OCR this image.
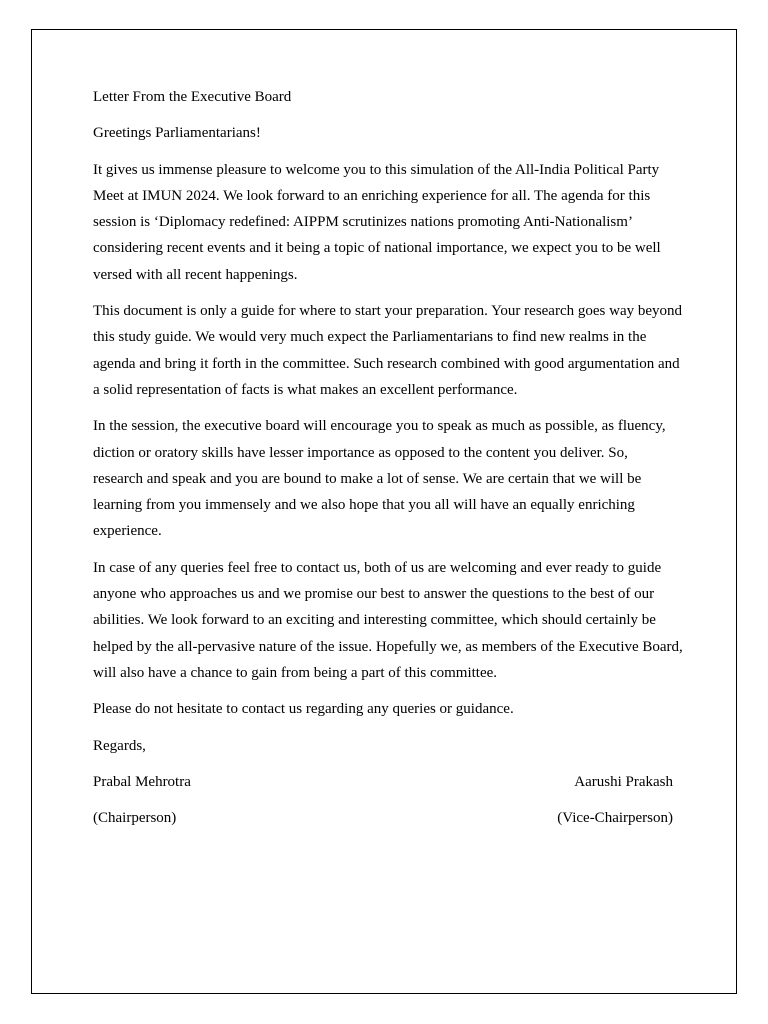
Letter From the Executive Board

Greetings Parliamentarians!

It gives us immense pleasure to welcome you to this simulation of the All-India Political Party Meet at IMUN 2024. We look forward to an enriching experience for all. The agenda for this session is ‘Diplomacy redefined: AIPPM scrutinizes nations promoting Anti-Nationalism’ considering recent events and it being a topic of national importance, we expect you to be well versed with all recent happenings.

This document is only a guide for where to start your preparation. Your research goes way beyond this study guide. We would very much expect the Parliamentarians to find new realms in the agenda and bring it forth in the committee. Such research combined with good argumentation and a solid representation of facts is what makes an excellent performance.

In the session, the executive board will encourage you to speak as much as possible, as fluency, diction or oratory skills have lesser importance as opposed to the content you deliver. So, research and speak and you are bound to make a lot of sense. We are certain that we will be learning from you immensely and we also hope that you all will have an equally enriching experience.

In case of any queries feel free to contact us, both of us are welcoming and ever ready to guide anyone who approaches us and we promise our best to answer the questions to the best of our abilities. We look forward to an exciting and interesting committee, which should certainly be helped by the all-pervasive nature of the issue. Hopefully we, as members of the Executive Board, will also have a chance to gain from being a part of this committee.

Please do not hesitate to contact us regarding any queries or guidance.

Regards,

Prabal Mehrotra	Aarushi Prakash
(Chairperson)	(Vice-Chairperson)
